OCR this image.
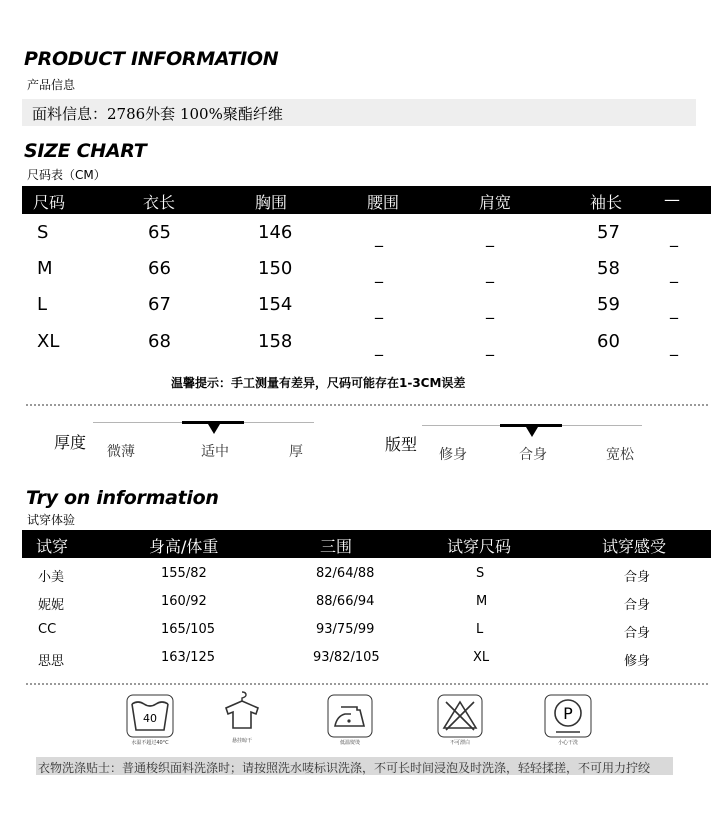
PRODUCT INFORMATION
产品信息
面料信息：2786外套 100%聚酯纤维
SIZE CHART
尺码表（CM）
尺码	衣长	胸围	腰围	肩宽	袖长	—
S	65	146	_	_	57	_
M	66	150	_	_	58	_
L	67	154	_	_	59	_
XL	68	158	_	_	60	_
温馨提示：手工测量有差异，尺码可能存在1-3CM误差
厚度 微薄	适中	厚	版型
修身	合身	宽松
Try on information
试穿体验
试穿	身高/体重	三围	试穿尺码	试穿感受
小美	155/82	82/64/88	S	合身
妮妮	160/92	88/66/94	M	合身
CC	165/105	93/75/99	L	合身
思思	163/125	93/82/105	XL	修身
40
水温不超过40°C	悬挂晾干	低温熨烫	不可漂白
P
小心干洗
衣物洗涤贴士：普通梭织面料洗涤时；请按照洗水唛标识洗涤，不可长时间浸泡及时洗涤，轻轻揉搓，不可用力拧绞
